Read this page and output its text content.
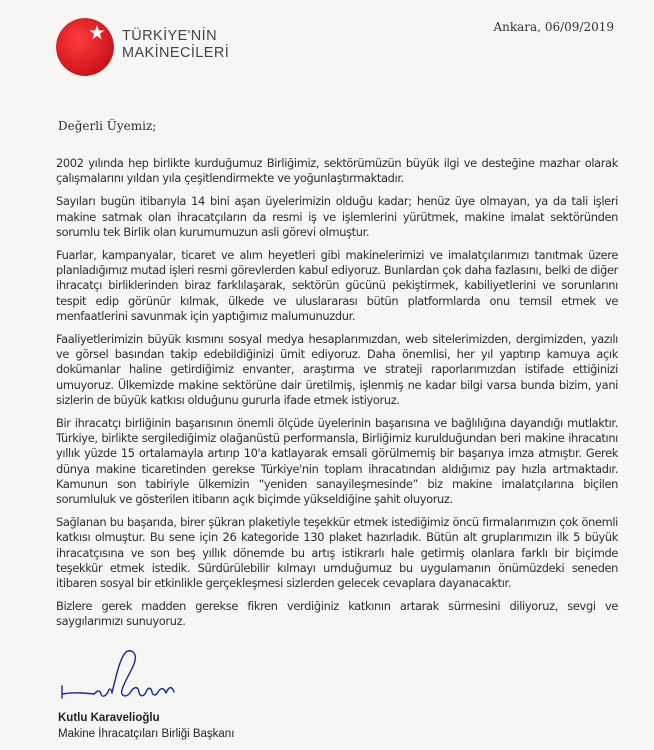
TÜRKİYE'NİN
MAKİNECİLERİ
Ankara, 06/09/2019
Değerli Üyemiz;

2002 yılında hep birlikte kurduğumuz Birliğimiz, sektörümüzün büyük ilgi ve desteğine mazhar olarak çalışmalarını yıldan yıla çeşitlendirmekte ve yoğunlaştırmaktadır.

Sayıları bugün itibarıyla 14 bini aşan üyelerimizin olduğu kadar; henüz üye olmayan, ya da tali işleri makine satmak olan ihracatçıların da resmi iş ve işlemlerini yürütmek, makine imalat sektöründen sorumlu tek Birlik olan kurumumuzun asli görevi olmuştur.

Fuarlar, kampanyalar, ticaret ve alım heyetleri gibi makinelerimizi ve imalatçılarımızı tanıtmak üzere planladığımız mutad işleri resmi görevlerden kabul ediyoruz. Bunlardan çok daha fazlasını, belki de diğer ihracatçı birliklerinden biraz farklılaşarak, sektörün gücünü pekiştirmek, kabiliyetlerini ve sorunlarını tespit edip görünür kılmak, ülkede ve uluslararası bütün platformlarda onu temsil etmek ve menfaatlerini savunmak için yaptığımız malumunuzdur.

Faaliyetlerimizin büyük kısmını sosyal medya hesaplarımızdan, web sitelerimizden, dergimizden, yazılı ve görsel basından takip edebildiğinizi ümit ediyoruz. Daha önemlisi, her yıl yaptırıp kamuya açık dokümanlar haline getirdiğimiz envanter, araştırma ve strateji raporlarımızdan istifade ettiğinizi umuyoruz. Ülkemizde makine sektörüne dair üretilmiş, işlenmiş ne kadar bilgi varsa bunda bizim, yani sizlerin de büyük katkısı olduğunu gururla ifade etmek istiyoruz.

Bir ihracatçı birliğinin başarısının önemli ölçüde üyelerinin başarısına ve bağlılığına dayandığı mutlaktır. Türkiye, birlikte sergilediğimiz olağanüstü performansla, Birliğimiz kurulduğundan beri makine ihracatını yıllık yüzde 15 ortalamayla artırıp 10'a katlayarak emsali görülmemiş bir başarıya imza atmıştır. Gerek dünya makine ticaretinden gerekse Türkiye'nin toplam ihracatından aldığımız pay hızla artmaktadır. Kamunun son tabiriyle ülkemizin “yeniden sanayileşmesinde” biz makine imalatçılarına biçilen sorumluluk ve gösterilen itibarın açık biçimde yükseldiğine şahit oluyoruz.

Sağlanan bu başarıda, birer şükran plaketiyle teşekkür etmek istediğimiz öncü firmalarımızın çok önemli katkısı olmuştur. Bu sene için 26 kategoride 130 plaket hazırladık. Bütün alt gruplarımızın ilk 5 büyük ihracatçısına ve son beş yıllık dönemde bu artış istikrarlı hale getirmiş olanlara farklı bir biçimde teşekkür etmek istedik. Sürdürülebilir kılmayı umduğumuz bu uygulamanın önümüzdeki seneden itibaren sosyal bir etkinlikle gerçekleşmesi sizlerden gelecek cevaplara dayanacaktır.

Bizlere gerek madden gerekse fikren verdiğiniz katkının artarak sürmesini diliyoruz, sevgi ve saygılarımızı sunuyoruz.

Kutlu Karavelioğlu
Makine İhracatçıları Birliği Başkanı
